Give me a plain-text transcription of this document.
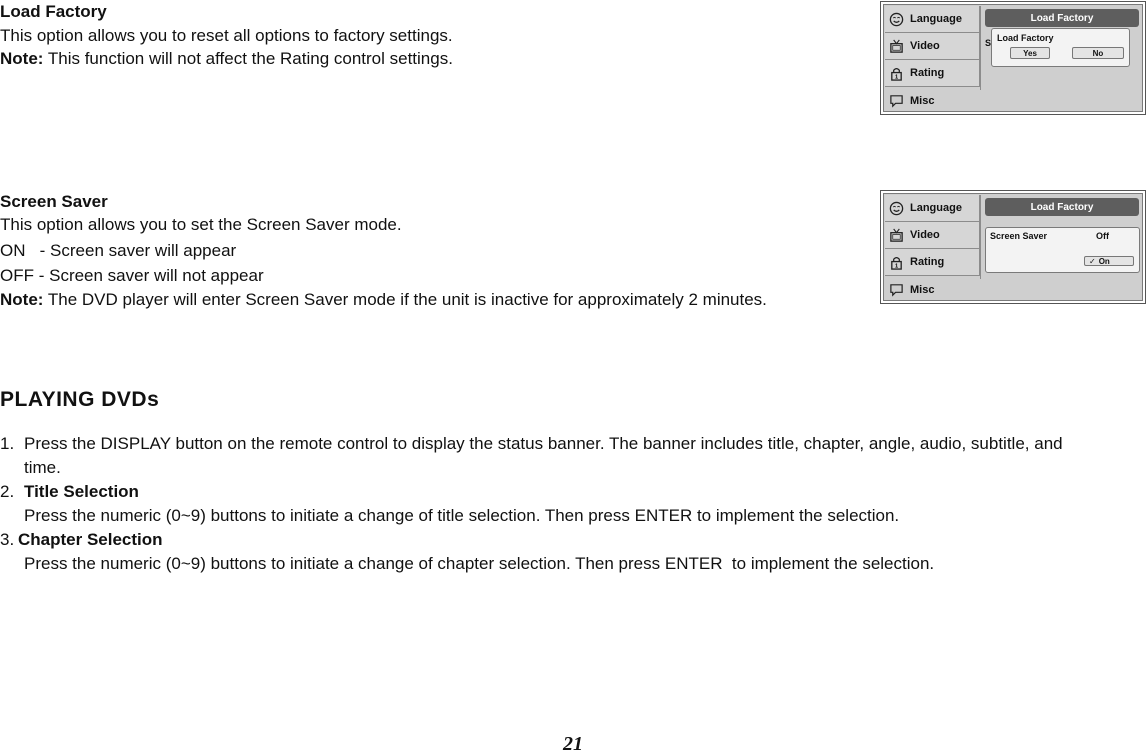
Load Factory
This option allows you to reset all options to factory settings.
Note: This function will not affect the Rating control settings.
Language
Video
1 Rating
Misc
S
Load Factory
Load Factory
Yes	No
Screen Saver
This option allows you to set the Screen Saver mode.
ON   - Screen saver will appear
OFF - Screen saver will not appear
Note: The DVD player will enter Screen Saver mode if the unit is inactive for approximately 2 minutes.
Language
Video
1 Rating
Misc
Load Factory
Screen Saver	Off
✓ On
PLAYING DVDs
1. Press the DISPLAY button on the remote control to display the status banner. The banner includes title, chapter, angle, audio, subtitle, and
time.
2. Title Selection
Press the numeric (0~9) buttons to initiate a change of title selection. Then press ENTER to implement the selection.
3. Chapter Selection
Press the numeric (0~9) buttons to initiate a change of chapter selection. Then press ENTER  to implement the selection.
21
